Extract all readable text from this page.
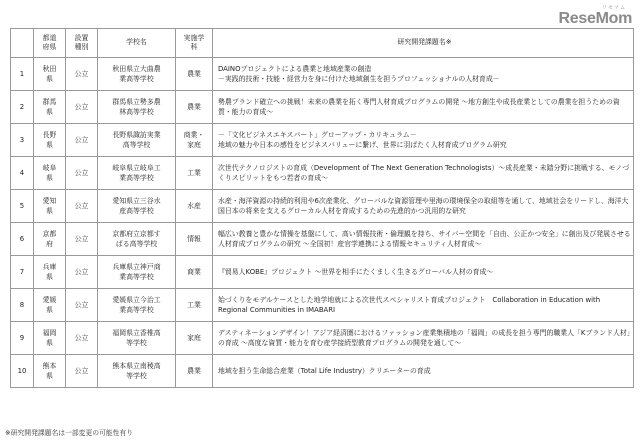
リセマム
ReseMom
	都道
府県	設置
種別	学校名	実施学
科	研究開発課題名※
1	秋田
県	公立	秋田県立大曲農
業高等学校	農業	DAINOプロジェクトによる農業と地域産業の創造
－実践的技術・技能・経営力を身に付けた地域創生を担うプロフェッショナルの人材育成－
2	群馬
県	公立	群馬県立勢多農
林高等学校	農業	勢農ブランド確立への挑戦！未来の農業を拓く専門人材育成プログラムの開発 ～地方創生や成長産業としての農業を担うための資質・能力の育成～
3	長野
県	公立	長野県諏訪実業
高等学校	商業・
家庭	－「文化ビジネスエキスパート」グローアップ・カリキュラム－
地域の魅力や日本の感性をビジネスバリューに繋げ、世界に羽ばたく人材育成プログラム研究
4	岐阜
県	公立	岐阜県立岐阜工
業高等学校	工業	次世代テクノロジストの育成（Development of The Next Generation Technologists）～成長産業・未踏分野に挑戦する、モノづくりスピリットをもつ若者の育成～
5	愛知
県	公立	愛知県立三谷水
産高等学校	水産	水産・海洋資源の持続的利用や6次産業化、グローバルな資源管理や里海の環境保全の取組等を通して、地域社会をリードし、海洋大国日本の将来を支えるグローカル人材を育成するための先進的かつ汎用的な研究
6	京都
府	公立	京都府立京都す
ばる高等学校	情報	幅広い教養と豊かな情操を基盤にして、高い情報技術・倫理観を持ち、サイバー空間を「自由、公正かつ安全」に創出及び発展させる人材育成プログラムの研究 ～全国初！産官学連携による情報セキュリティ人材育成～
7	兵庫
県	公立	兵庫県立神戸商
業高等学校	商業	『貿易人KOBE』プロジェクト ～世界を相手にたくましく生きるグローバル人材の育成～
8	愛媛
県	公立	愛媛県立今治工
業高等学校	工業	始づくりをモデルケースとした地学地就による次世代スペシャリスト育成プロジェクト　Collaboration in Education with Regional Communities in IMABARI
9	福岡
県	公立	福岡県立香椎高
等学校	家庭	デスティネーションデザイン！アジア経済圏におけるファッション産業集積地の「福岡」の成長を担う専門的職業人「Kブランド人材」の育成 ～高度な資質・能力を育む産学接続型教育プログラムの開発を通して～
10	熊本
県	公立	熊本県立南稜高
等学校	農業	地域を担う生命総合産業（Total Life Industry）クリエーターの育成
※研究開発課題名は一部変更の可能性有り
